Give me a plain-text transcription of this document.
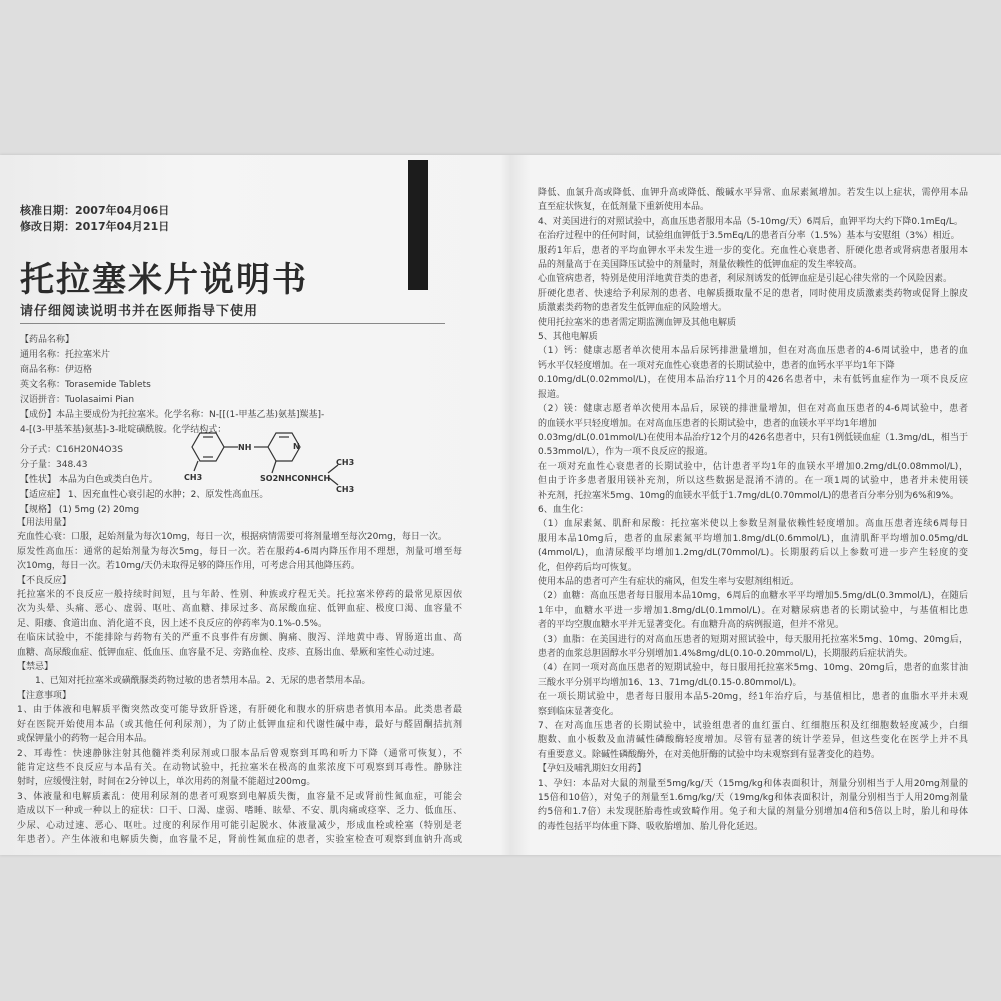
核准日期：2007年04月06日
修改日期：2017年04月21日
托拉塞米片说明书
请仔细阅读说明书并在医师指导下使用
【药品名称】
通用名称：托拉塞米片
商品名称：伊迈格
英文名称：Torasemide Tablets
汉语拼音：Tuolasaimi Pian
【成份】本品主要成份为托拉塞米。化学名称：N-[[(1-甲基乙基)氨基]羰基]-
4-[(3-甲基苯基)氨基]-3-吡啶磺酰胺。化学结构式：
分子式：C16H20N4O3S
分子量：348.43
NH	N
CH3	SO2NHCONHCH
CH3
CH3
【性状】 本品为白色或类白色片。
【适应症】 1、因充血性心衰引起的水肿；2、原发性高血压。
【规格】 (1) 5mg (2) 20mg
【用法用量】
充血性心衰：口服，起始剂量为每次10mg，每日一次，根据病情需要可将剂量增至每次20mg，每日一次。
原发性高血压：通常的起始剂量为每次5mg，每日一次。若在服药4-6周内降压作用不理想，剂量可增至每
次10mg，每日一次。若10mg/天仍未取得足够的降压作用，可考虑合用其他降压药。
【不良反应】
托拉塞米的不良反应一般持续时间短，且与年龄、性别、种族或疗程无关。托拉塞米停药的最常见原因依
次为头晕、头痛、恶心、虚弱、呕吐、高血糖、排尿过多、高尿酸血症、低钾血症、极度口渴、血容量不
足、阳痿、食道出血、消化道不良，因上述不良反应的停药率为0.1%-0.5%。
在临床试验中，不能排除与药物有关的严重不良事件有房颤、胸痛、腹泻、洋地黄中毒、胃肠道出血、高
血糖、高尿酸血症、低钾血症、低血压、血容量不足、旁路血栓、皮疹、直肠出血、晕厥和室性心动过速。
【禁忌】
　　1、已知对托拉塞米或磺酰脲类药物过敏的患者禁用本品。2、无尿的患者禁用本品。
【注意事项】
1、由于体液和电解质平衡突然改变可能导致肝昏迷，有肝硬化和腹水的肝病患者慎用本品。此类患者最
好在医院开始使用本品（或其他任何利尿剂），为了防止低钾血症和代谢性碱中毒，最好与醛固酮拮抗剂
或保钾量小的药物一起合用本品。
2、耳毒性：快速静脉注射其他髓袢类利尿剂或口服本品后曾观察到耳鸣和听力下降（通常可恢复），不
能肯定这些不良反应与本品有关。在动物试验中，托拉塞米在极高的血浆浓度下可观察到耳毒性。静脉注
射时，应缓慢注射，时间在2分钟以上，单次用药的剂量不能超过200mg。
3、体液量和电解质紊乱：使用利尿剂的患者可观察到电解质失衡，血容量不足或肾前性氮血症，可能会
造成以下一种或一种以上的症状：口干、口渴、虚弱、嗜睡、眩晕、不安、肌肉痛或痉挛、乏力、低血压、
少尿、心动过速、恶心、呕吐。过度的利尿作用可能引起脱水、体液量减少，形成血栓或栓塞（特别是老
年患者）。产生体液和电解质失衡，血容量不足，肾前性氮血症的患者，实验室检查可观察到血钠升高或
降低、血氯升高或降低、血钾升高或降低、酸碱水平异常、血尿素氮增加。若发生以上症状，需停用本品
直至症状恢复，在低剂量下重新使用本品。
4、对美国进行的对照试验中，高血压患者服用本品（5-10mg/天）6周后，血钾平均大约下降0.1mEq/L。
在治疗过程中的任何时间，试验组血钾低于3.5mEq/L的患者百分率（1.5%）基本与安慰组（3%）相近。
服药1年后，患者的平均血钾水平未发生进一步的变化。充血性心衰患者、肝硬化患者或肾病患者服用本
品的剂量高于在美国降压试验中的剂量时，剂量依赖性的低钾血症的发生率较高。
心血管病患者，特别是使用洋地黄苷类的患者，利尿剂诱发的低钾血症是引起心律失常的一个风险因素。
肝硬化患者、快速给予利尿剂的患者、电解质摄取量不足的患者，同时使用皮质激素类药物或促肾上腺皮
质激素类药物的患者发生低钾血症的风险增大。
使用托拉塞米的患者需定期监测血钾及其他电解质
5、其他电解质
（1）钙：健康志愿者单次使用本品后尿钙排泄量增加，但在对高血压患者的4-6周试验中，患者的血
钙水平仅轻度增加。在一项对充血性心衰患者的长期试验中，患者的血钙水平平均1年下降
0.10mg/dL(0.02mmol/L)，在使用本品治疗11个月的426名患者中，未有低钙血症作为一项不良反应
报道。
（2）镁：健康志愿者单次使用本品后，尿镁的排泄量增加，但在对高血压患者的4-6周试验中，患者
的血镁水平只轻度增加。在对高血压患者的长期试验中，患者的血镁水平平均1年增加
0.03mg/dL(0.01mmol/L)在使用本品治疗12个月的426名患者中，只有1例低镁血症（1.3mg/dL，相当于
0.53mmol/L），作为一项不良反应的报道。
在一项对充血性心衰患者的长期试验中，估计患者平均1年的血镁水平增加0.2mg/dL(0.08mmol/L)，
但由于许多患者服用镁补充剂，所以这些数据是混淆不清的。在一项1周的试验中，患者并未使用镁
补充剂，托拉塞米5mg、10mg的血镁水平低于1.7mg/dL(0.70mmol/L)的患者百分率分别为6%和9%。
6、血生化：
（1）血尿素氮、肌酐和尿酸：托拉塞米使以上参数呈剂量依赖性轻度增加。高血压患者连续6周每日
服用本品10mg后，患者的血尿素氮平均增加1.8mg/dL(0.6mmol/L)，血清肌酐平均增加0.05mg/dL
(4mmol/L)，血清尿酸平均增加1.2mg/dL(70mmol/L)。长期服药后以上参数可进一步产生轻度的变
化，但停药后均可恢复。
使用本品的患者可产生有症状的痛风，但发生率与安慰剂组相近。
（2）血糖：高血压患者每日服用本品10mg，6周后的血糖水平平均增加5.5mg/dL(0.3mmol/L)，在随后
1年中，血糖水平进一步增加1.8mg/dL(0.1mmol/L)。在对糖尿病患者的长期试验中，与基值相比患
者的平均空腹血糖水平并无显著变化。有血糖升高的病例报道，但并不常见。
（3）血脂：在美国进行的对高血压患者的短期对照试验中，每天服用托拉塞米5mg、10mg、20mg后，
患者的血浆总胆固醇水平分别增加1.4%8mg/dL(0.10-0.20mmol/L)，长期服药后症状消失。
（4）在同一项对高血压患者的短期试验中，每日服用托拉塞米5mg、10mg、20mg后，患者的血浆甘油
三酸水平分别平均增加16、13、71mg/dL(0.15-0.80mmol/L)。
在一项长期试验中，患者每日服用本品5-20mg，经1年治疗后，与基值相比，患者的血脂水平并未观
察到临床显著变化。
7、在对高血压患者的长期试验中，试验组患者的血红蛋白、红细胞压积及红细胞数轻度减少，白细
胞数、血小板数及血清碱性磷酸酶轻度增加。尽管有显著的统计学差异，但这些变化在医学上并不具
有重要意义。除碱性磷酸酶外，在对美他肝酶的试验中均未观察到有显著变化的趋势。
【孕妇及哺乳期妇女用药】
1、孕妇：本品对大鼠的剂量至5mg/kg/天（15mg/kg和体表面积计，剂量分别相当于人用20mg剂量的
15倍和10倍），对兔子的剂量至1.6mg/kg/天（19mg/kg和体表面积计，剂量分别相当于人用20mg剂量
约5倍和1.7倍）未发现胚胎毒性或致畸作用。兔子和大鼠的剂量分别增加4倍和5倍以上时，胎儿和母体
的毒性包括平均体重下降、吸收胎增加、胎儿骨化延迟。
